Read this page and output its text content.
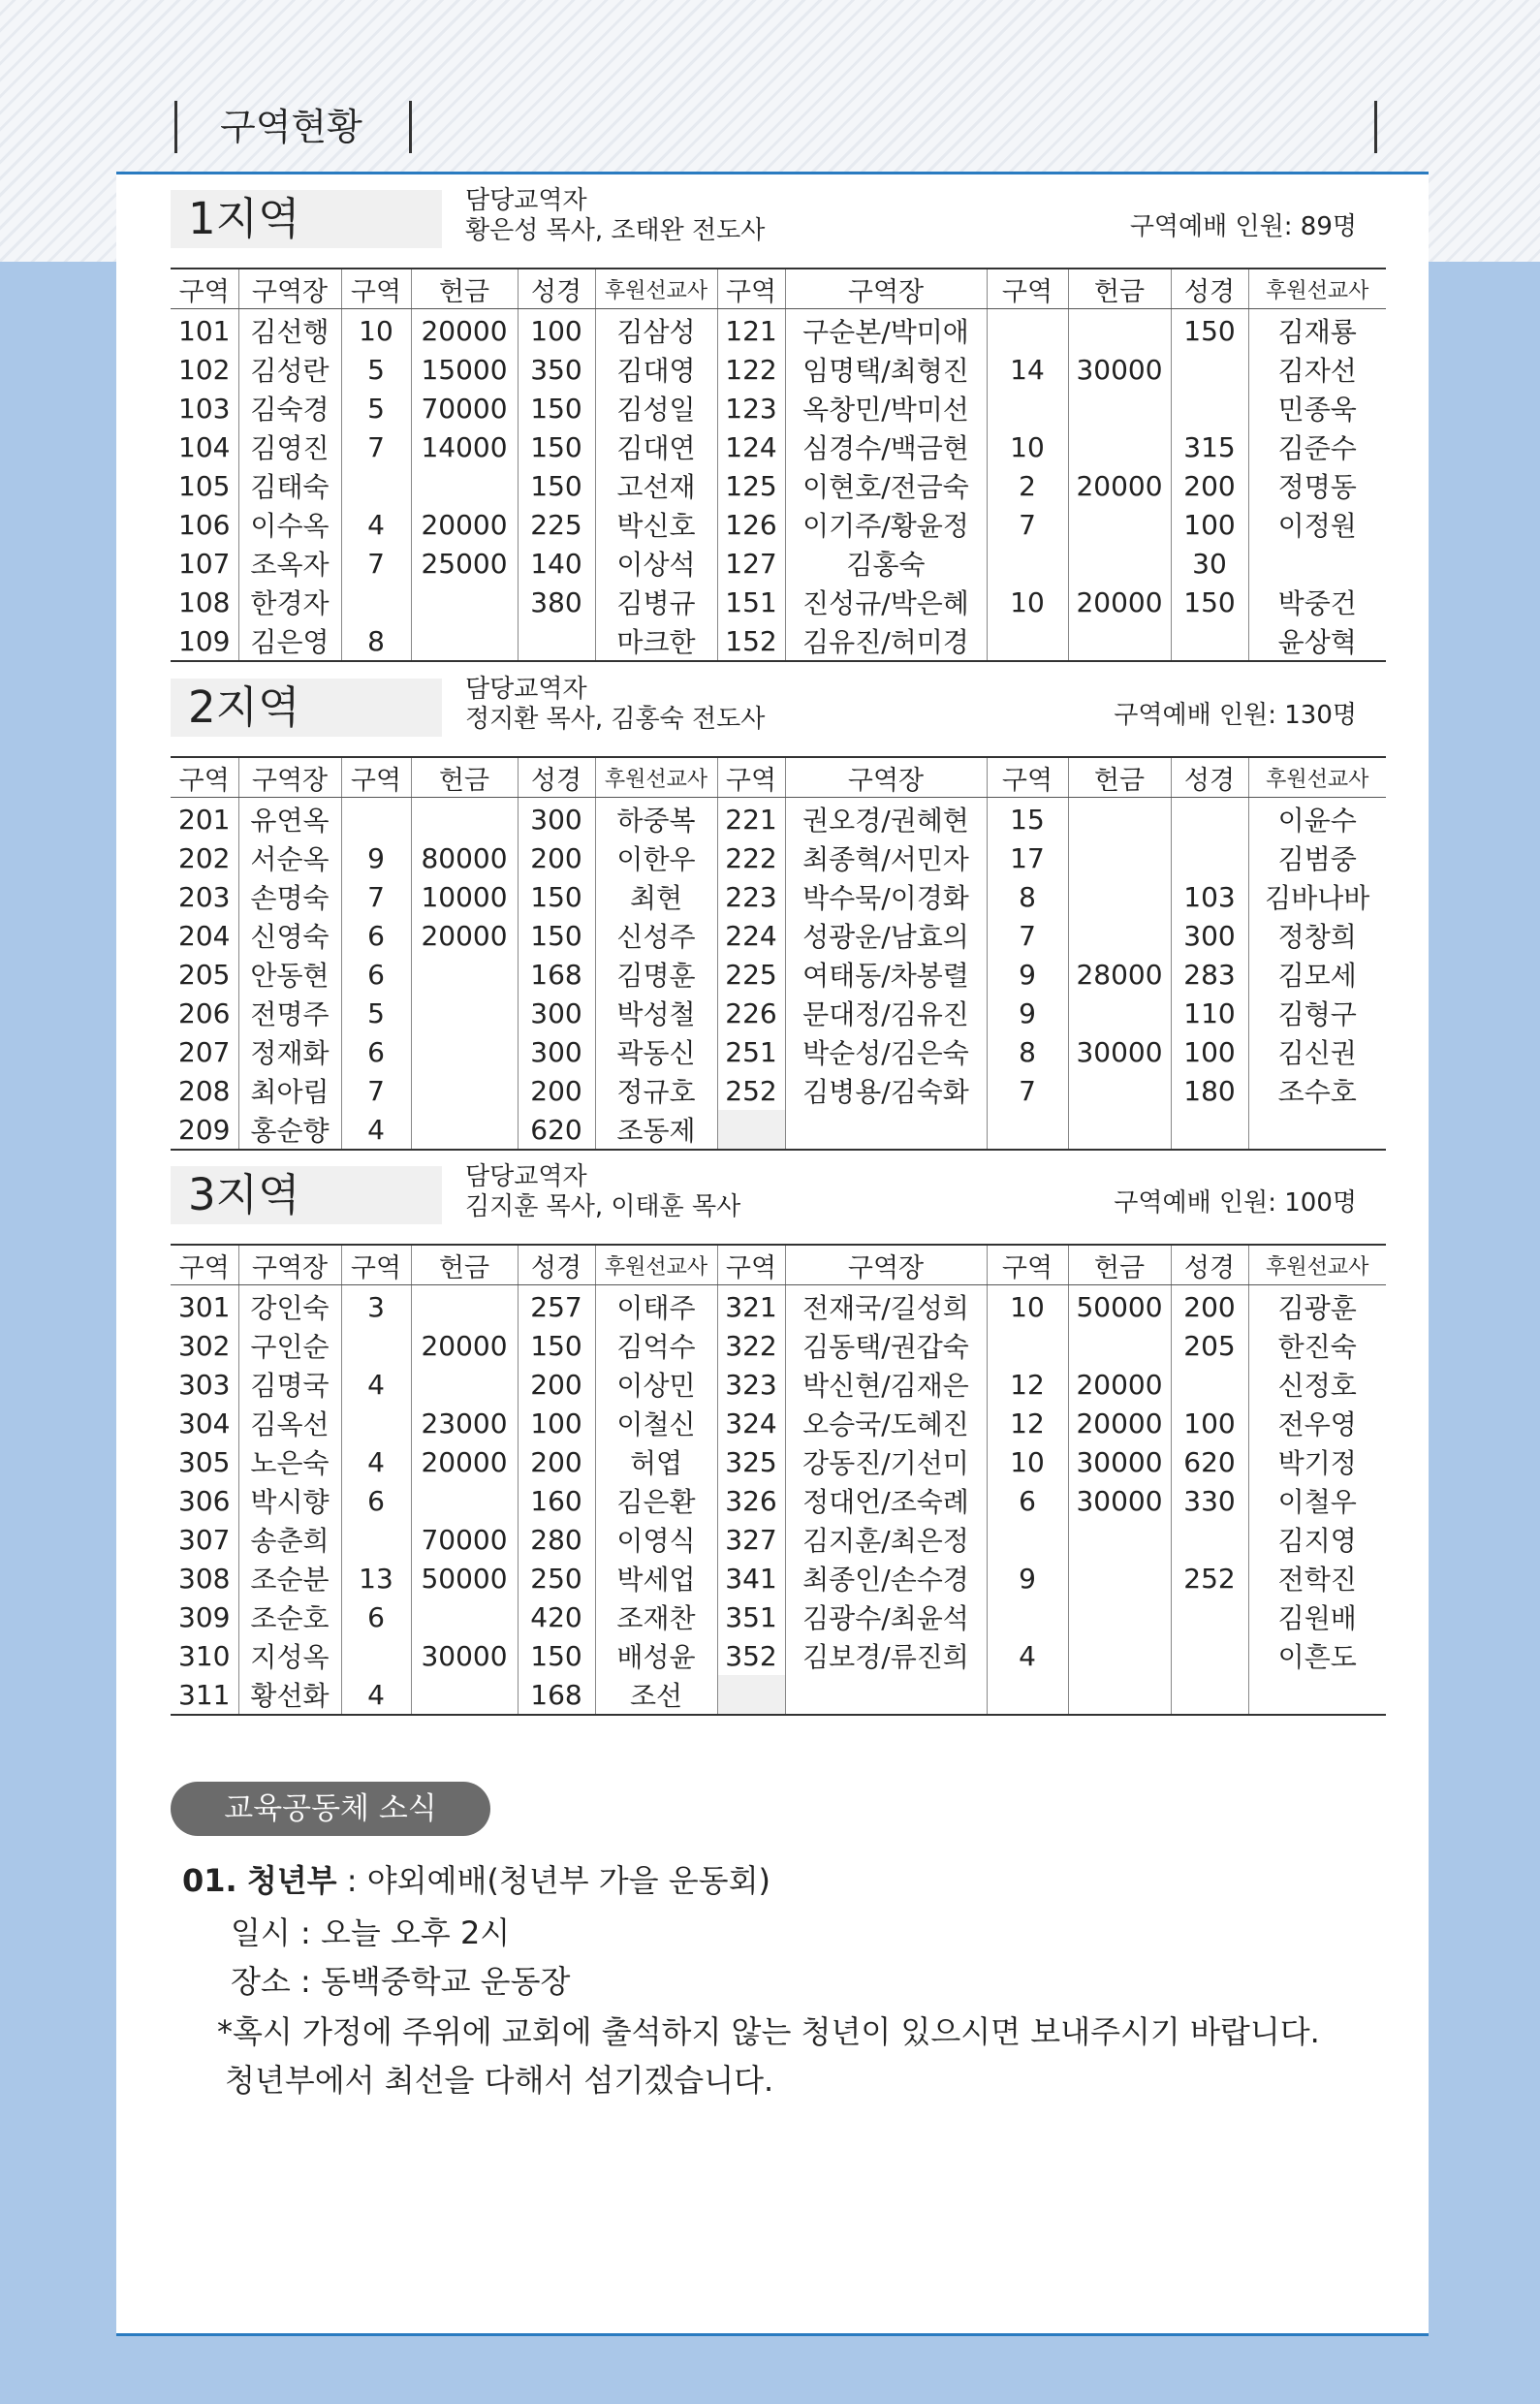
구역현황
1지역	담당교역자
황은성 목사, 조태완 전도사	구역예배 인원: 89명
구역	구역장	구역	헌금	성경	후원선교사	구역	구역장	구역	헌금	성경	후원선교사
101	김선행	10	20000	100	김삼성	121	구순본/박미애			150	김재룡
102	김성란	5	15000	350	김대영	122	임명택/최형진	14	30000		김자선
103	김숙경	5	70000	150	김성일	123	옥창민/박미선				민종욱
104	김영진	7	14000	150	김대연	124	심경수/백금현	10		315	김준수
105	김태숙			150	고선재	125	이현호/전금숙	2	20000	200	정명동
106	이수옥	4	20000	225	박신호	126	이기주/황윤정	7		100	이정원
107	조옥자	7	25000	140	이상석	127	김홍숙			30	
108	한경자			380	김병규	151	진성규/박은혜	10	20000	150	박중건
109	김은영	8			마크한	152	김유진/허미경				윤상혁
2지역	담당교역자
정지환 목사, 김홍숙 전도사	구역예배 인원: 130명
구역	구역장	구역	헌금	성경	후원선교사	구역	구역장	구역	헌금	성경	후원선교사
201	유연옥			300	하중복	221	권오경/권혜현	15			이윤수
202	서순옥	9	80000	200	이한우	222	최종혁/서민자	17			김범중
203	손명숙	7	10000	150	최현	223	박수묵/이경화	8		103	김바나바
204	신영숙	6	20000	150	신성주	224	성광운/남효의	7		300	정창희
205	안동현	6		168	김명훈	225	여태동/차봉렬	9	28000	283	김모세
206	전명주	5		300	박성철	226	문대정/김유진	9		110	김형구
207	정재화	6		300	곽동신	251	박순성/김은숙	8	30000	100	김신권
208	최아림	7		200	정규호	252	김병용/김숙화	7		180	조수호
209	홍순향	4		620	조동제						
3지역	담당교역자
김지훈 목사, 이태훈 목사	구역예배 인원: 100명
구역	구역장	구역	헌금	성경	후원선교사	구역	구역장	구역	헌금	성경	후원선교사
301	강인숙	3		257	이태주	321	전재국/길성희	10	50000	200	김광훈
302	구인순		20000	150	김억수	322	김동택/권갑숙			205	한진숙
303	김명국	4		200	이상민	323	박신현/김재은	12	20000		신정호
304	김옥선		23000	100	이철신	324	오승국/도혜진	12	20000	100	전우영
305	노은숙	4	20000	200	허엽	325	강동진/기선미	10	30000	620	박기정
306	박시향	6		160	김은환	326	정대언/조숙례	6	30000	330	이철우
307	송춘희		70000	280	이영식	327	김지훈/최은정				김지영
308	조순분	13	50000	250	박세업	341	최종인/손수경	9		252	전학진
309	조순호	6		420	조재찬	351	김광수/최윤석				김원배
310	지성옥		30000	150	배성윤	352	김보경/류진희	4			이흔도
311	황선화	4		168	조선						
교육공동체 소식
01. 청년부 : 야외예배(청년부 가을 운동회)
일시 : 오늘 오후 2시
장소 : 동백중학교 운동장
*혹시 가정에 주위에 교회에 출석하지 않는 청년이 있으시면 보내주시기 바랍니다.
청년부에서 최선을 다해서 섬기겠습니다.
